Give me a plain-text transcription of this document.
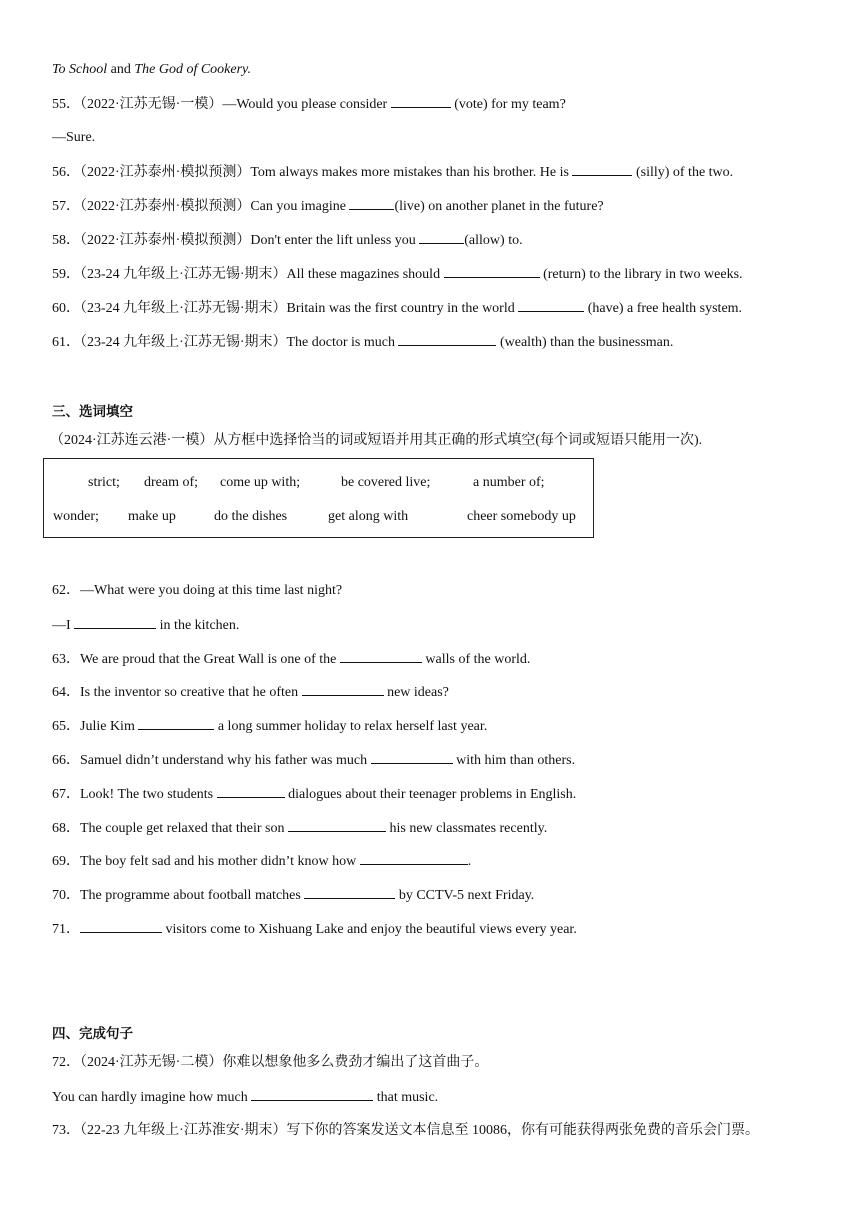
To School and The God of Cookery.
55．（2022·江苏无锡·一模）—Would you please consider	(vote) for my team?
—Sure.
56．（2022·江苏泰州·模拟预测）Tom always makes more mistakes than his brother. He is	(silly) of the two.
57．（2022·江苏泰州·模拟预测）Can you imagine	(live) on another planet in the future?
58．（2022·江苏泰州·模拟预测）Don't enter the lift unless you	(allow) to.
59．（23-24 九年级上·江苏无锡·期末）All these magazines should	(return) to the library in two weeks.
60．（23-24 九年级上·江苏无锡·期末）Britain was the first country in the world	(have) a free health system.
61．（23-24 九年级上·江苏无锡·期末）The doctor is much	(wealth) than the businessman.
三、选词填空
（2024·江苏连云港·一模）从方框中选择恰当的词或短语并用其正确的形式填空(每个词或短语只能用一次).
strict; dream of; come up with;	be covered live;	a number of;
wonder; make up	do the dishes	get along with	cheer somebody up
62．—What were you doing at this time last night?
—I	in the kitchen.
63．We are proud that the Great Wall is one of the	walls of the world.
64．Is the inventor so creative that he often	new ideas?
65．Julie Kim	a long summer holiday to relax herself last year.
66．Samuel didn’t understand why his father was much	with him than others.
67．Look! The two students	dialogues about their teenager problems in English.
68．The couple get relaxed that their son	his new classmates recently.
69．The boy felt sad and his mother didn’t know how	.
70．The programme about football matches	by CCTV-5 next Friday.
71．	visitors come to Xishuang Lake and enjoy the beautiful views every year.
四、完成句子
72．（2024·江苏无锡·二模）你难以想象他多么费劲才编出了这首曲子。
You can hardly imagine how much	that music.
73．（22-23 九年级上·江苏淮安·期末）写下你的答案发送文本信息至 10086，你有可能获得两张免费的音乐会门票。
